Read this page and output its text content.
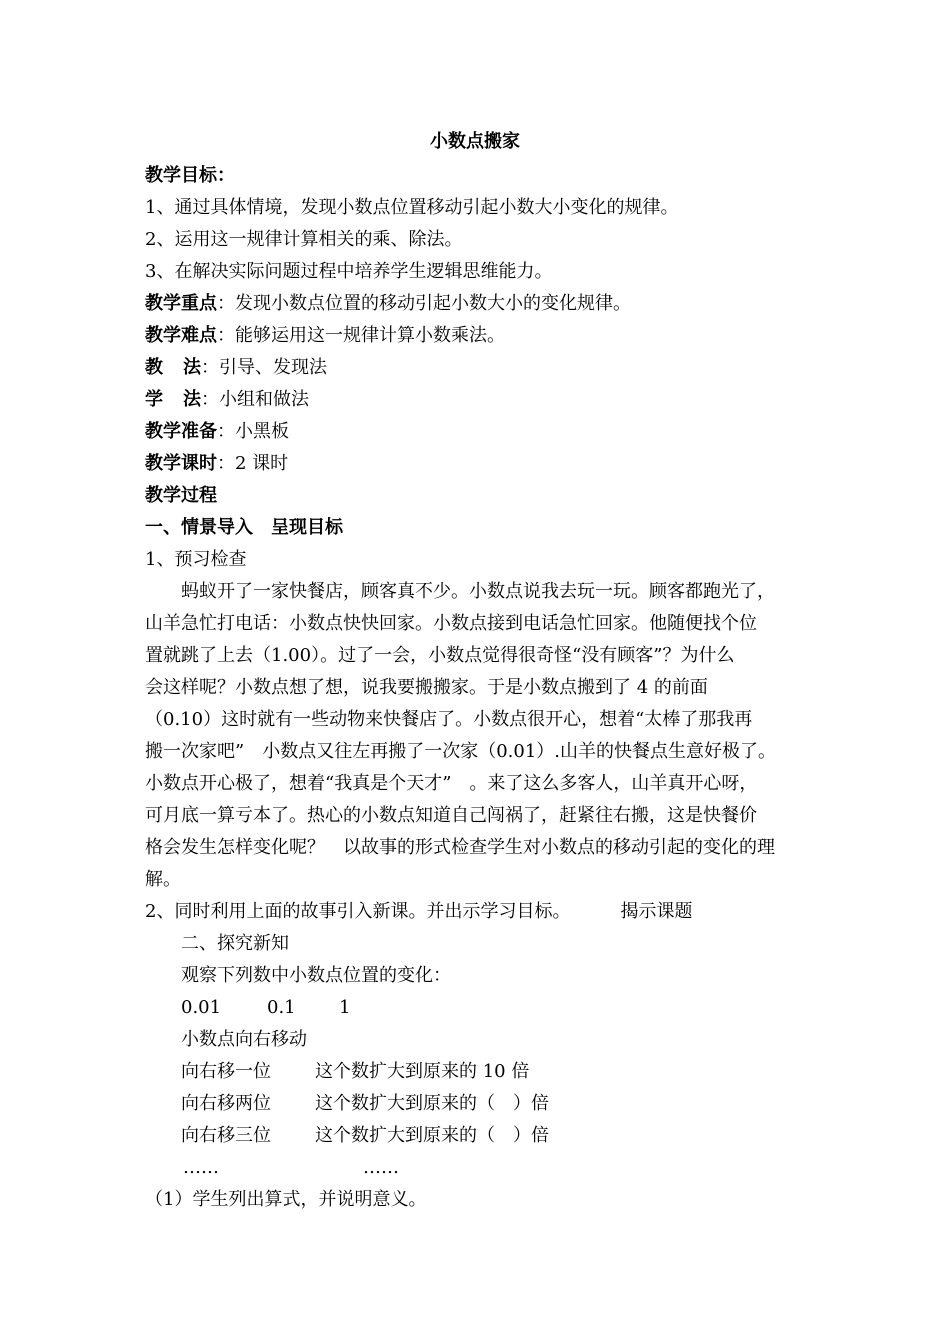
小数点搬家
教学目标：
1、通过具体情境，发现小数点位置移动引起小数大小变化的规律。
2、运用这一规律计算相关的乘、除法。
3、在解决实际问题过程中培养学生逻辑思维能力。
教学重点：发现小数点位置的移动引起小数大小的变化规律。
教学难点：能够运用这一规律计算小数乘法。
教 法：引导、发现法
学 法：小组和做法
教学准备：小黑板
教学课时：2 课时
教学过程
一、情景导入　呈现目标
1、预习检查
蚂蚁开了一家快餐店，顾客真不少。小数点说我去玩一玩。顾客都跑光了，
山羊急忙打电话：小数点快快回家。小数点接到电话急忙回家。他随便找个位
置就跳了上去（1.00）。过了一会，小数点觉得很奇怪“没有顾客”？为什么
会这样呢？小数点想了想，说我要搬搬家。于是小数点搬到了 4 的前面
（0.10）这时就有一些动物来快餐店了。小数点很开心，想着“太棒了那我再
搬一次家吧”　小数点又往左再搬了一次家（0.01）.山羊的快餐点生意好极了。
小数点开心极了，想着“我真是个天才”　。来了这么多客人，山羊真开心呀，
可月底一算亏本了。热心的小数点知道自己闯祸了，赶紧往右搬，这是快餐价
格会发生怎样变化呢？　以故事的形式检查学生对小数点的移动引起的变化的理
解。
2、同时利用上面的故事引入新课。并出示学习目标。	揭示课题
二、探究新知
观察下列数中小数点位置的变化：
0.01	0.1 1
小数点向右移动
向右移一位 这个数扩大到原来的 10 倍
向右移两位 这个数扩大到原来的（　）倍
向右移三位 这个数扩大到原来的（　）倍
……	……
（1）学生列出算式，并说明意义。
